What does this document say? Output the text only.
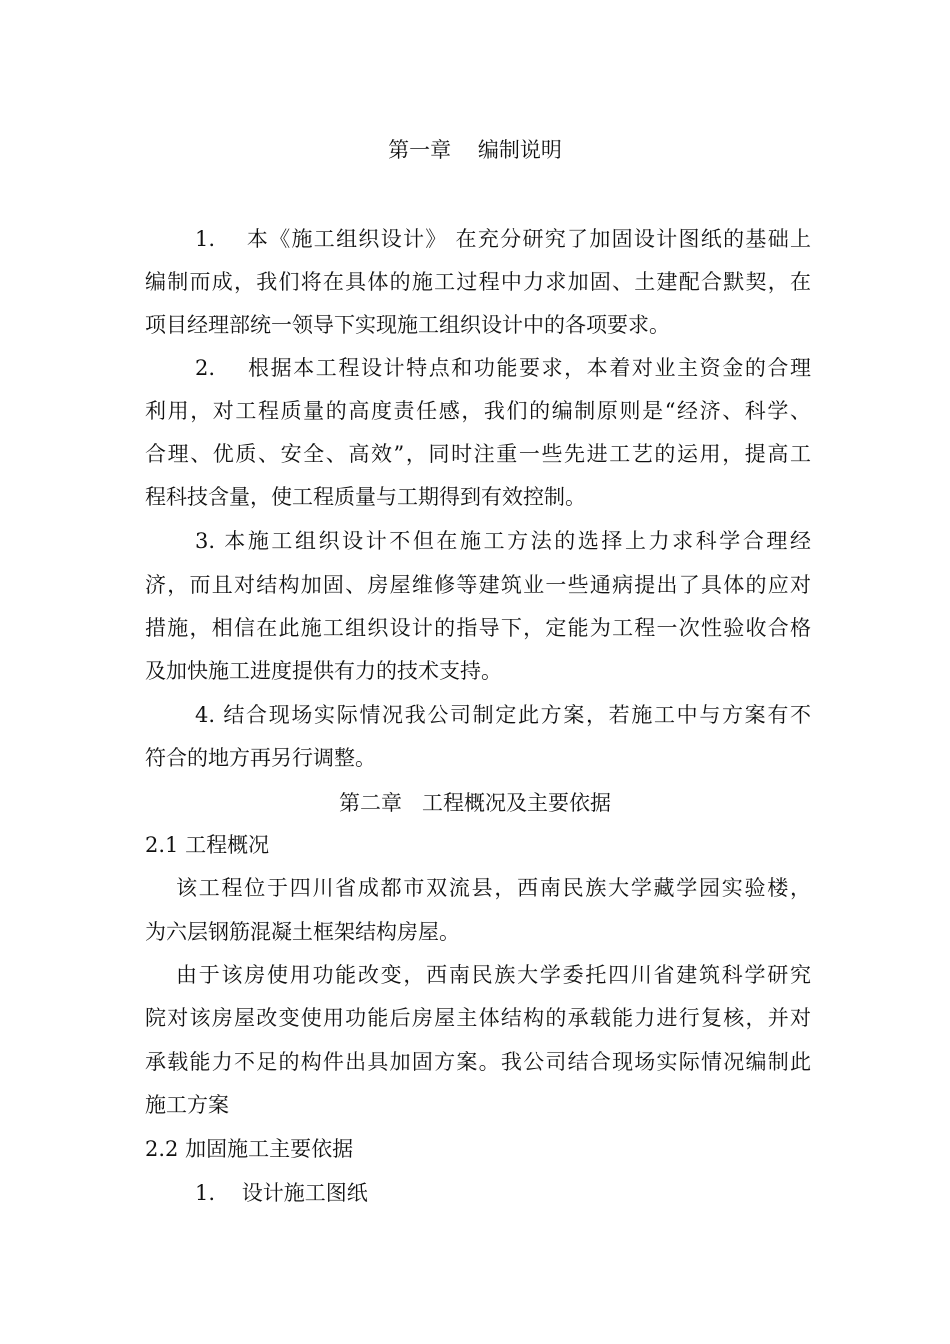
第一章    编制说明
1.    本《施工组织设计》 在充分研究了加固设计图纸的基础上
编制而成，我们将在具体的施工过程中力求加固、土建配合默契，在
项目经理部统一领导下实现施工组织设计中的各项要求。
2.    根据本工程设计特点和功能要求，本着对业主资金的合理
利用，对工程质量的高度责任感，我们的编制原则是“经济、科学、
合理、优质、安全、高效”，同时注重一些先进工艺的运用，提高工
程科技含量，使工程质量与工期得到有效控制。
3. 本施工组织设计不但在施工方法的选择上力求科学合理经
济，而且对结构加固、房屋维修等建筑业一些通病提出了具体的应对
措施，相信在此施工组织设计的指导下，定能为工程一次性验收合格
及加快施工进度提供有力的技术支持。
4. 结合现场实际情况我公司制定此方案，若施工中与方案有不
符合的地方再另行调整。
第二章   工程概况及主要依据
2.1 工程概况
该工程位于四川省成都市双流县，西南民族大学藏学园实验楼，
为六层钢筋混凝土框架结构房屋。
由于该房使用功能改变，西南民族大学委托四川省建筑科学研究
院对该房屋改变使用功能后房屋主体结构的承载能力进行复核，并对
承载能力不足的构件出具加固方案。我公司结合现场实际情况编制此
施工方案
2.2 加固施工主要依据
1.    设计施工图纸
